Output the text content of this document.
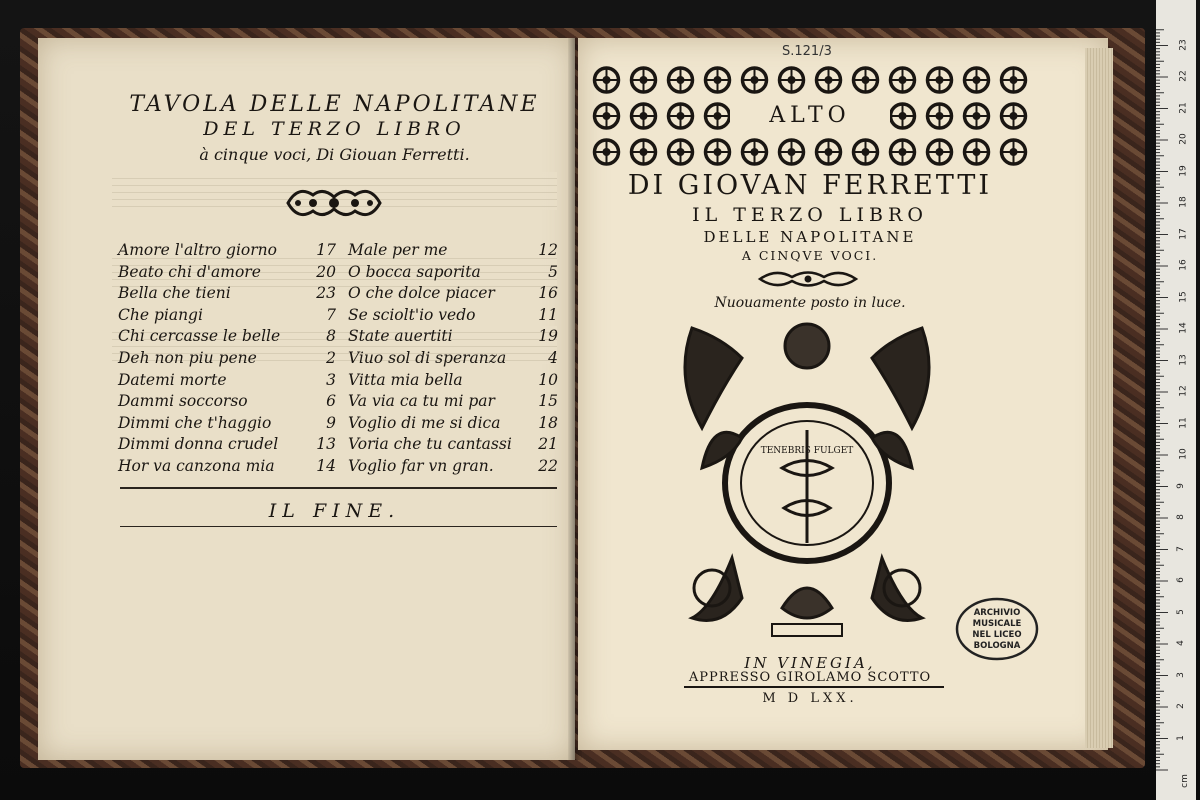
TAVOLA DELLE NAPOLITANE
DEL TERZO LIBRO
à cinque voci, Di Giouan Ferretti.
Amore l'altro giorno	17
Beato chi d'amore	20
Bella che tieni	23
Che piangi	7
Chi cercasse le belle	8
Deh non piu pene	2
Datemi morte	3
Dammi soccorso	6
Dimmi che t'haggio	9
Dimmi donna crudel 13
Hor va canzona mia	14
Male per me	12
O bocca saporita	5
O che dolce piacer	16
Se sciolt'io vedo	11
State auertiti	19
Viuo sol di speranza	4
Vitta mia bella	10
Va via ca tu mi par	15
Voglio di me si dica 18
Voria che tu cantassi 21
Voglio far vn gran.	22
IL FINE.
S.121/3
ALTO
DI GIOVAN FERRETTI
IL TERZO LIBRO
DELLE NAPOLITANE
A CINQVE VOCI.
Nuouamente posto in luce.
TENEBRIS FULGET
IN VINEGIA,
APPRESSO GIROLAMO SCOTTO
M D LXX.
ARCHIVIO MUSICALE NEL LICEO BOLOGNA
1
2
3
4
5
6
7
8
9
10
11
12
13
14
15
16
17
18
19
20
21
22
23
cm
